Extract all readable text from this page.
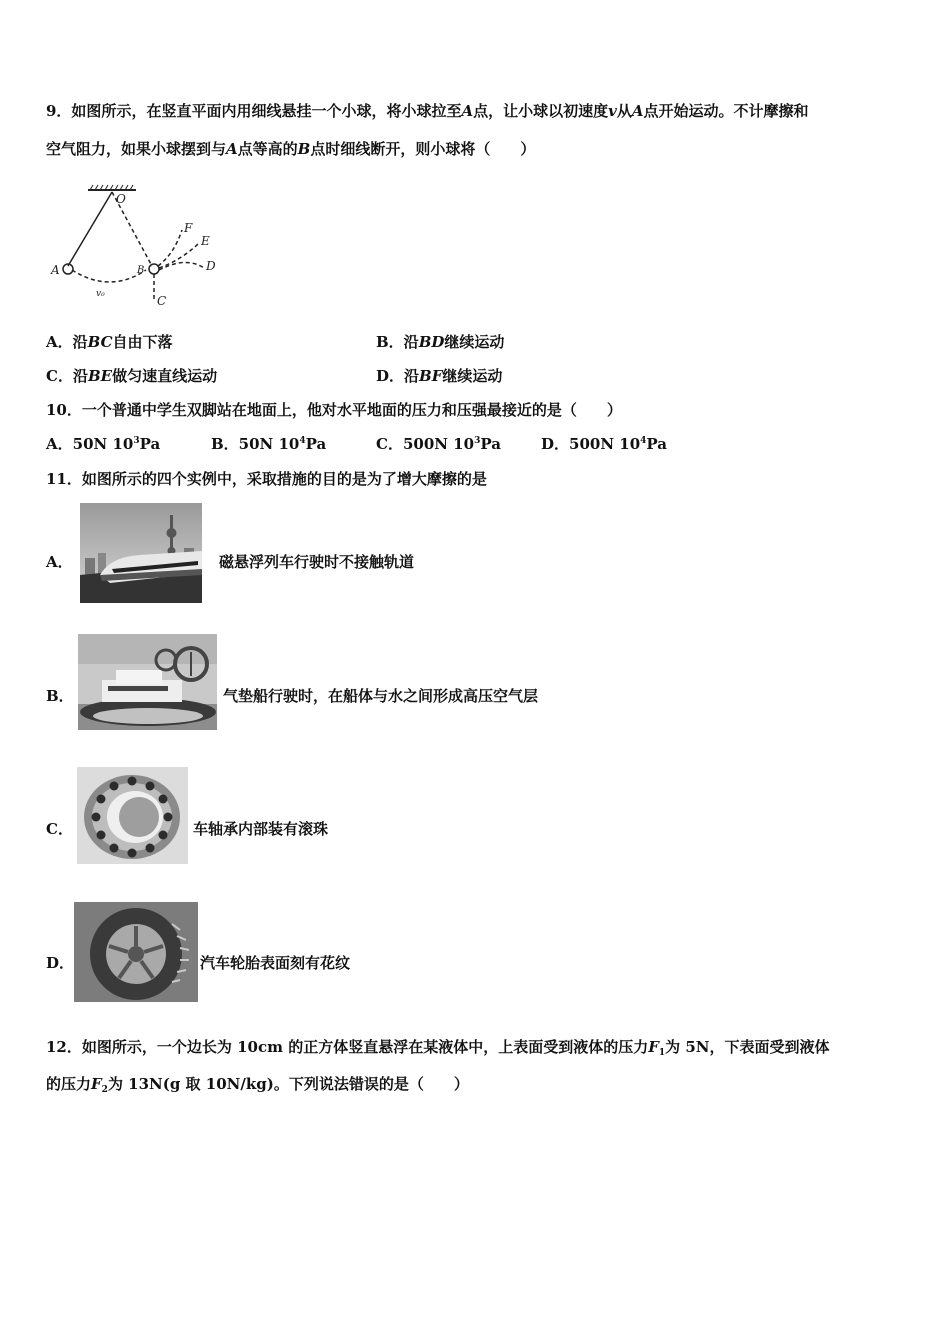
9．如图所示，在竖直平面内用细线悬挂一个小球，将小球拉至A点，让小球以初速度v从A点开始运动。不计摩擦和
空气阻力，如果小球摆到与A点等高的B点时细线断开，则小球将（　　）
O
A	B
C
D
E
F
v₀
A．沿BC自由下落	B．沿BD继续运动
C．沿BE做匀速直线运动	D．沿BF继续运动
10．一个普通中学生双脚站在地面上，他对水平地面的压力和压强最接近的是（　　）
A．50N $10^3Pa$	B．50N $10^4Pa$	C．500N $10^3Pa$	D．500N $10^4Pa$
11．如图所示的四个实例中，采取措施的目的是为了增大摩擦的是
A．	磁悬浮列车行驶时不接触轨道
B．	气垫船行驶时，在船体与水之间形成高压空气层
C．	车轴承内部装有滚珠
D．	汽车轮胎表面刻有花纹
12．如图所示，一个边长为 10cm 的正方体竖直悬浮在某液体中，上表面受到液体的压力$F_1$为 5N，下表面受到液体
的压力$F_2$为 13N(g 取 10N/kg)。下列说法错误的是（　　）
